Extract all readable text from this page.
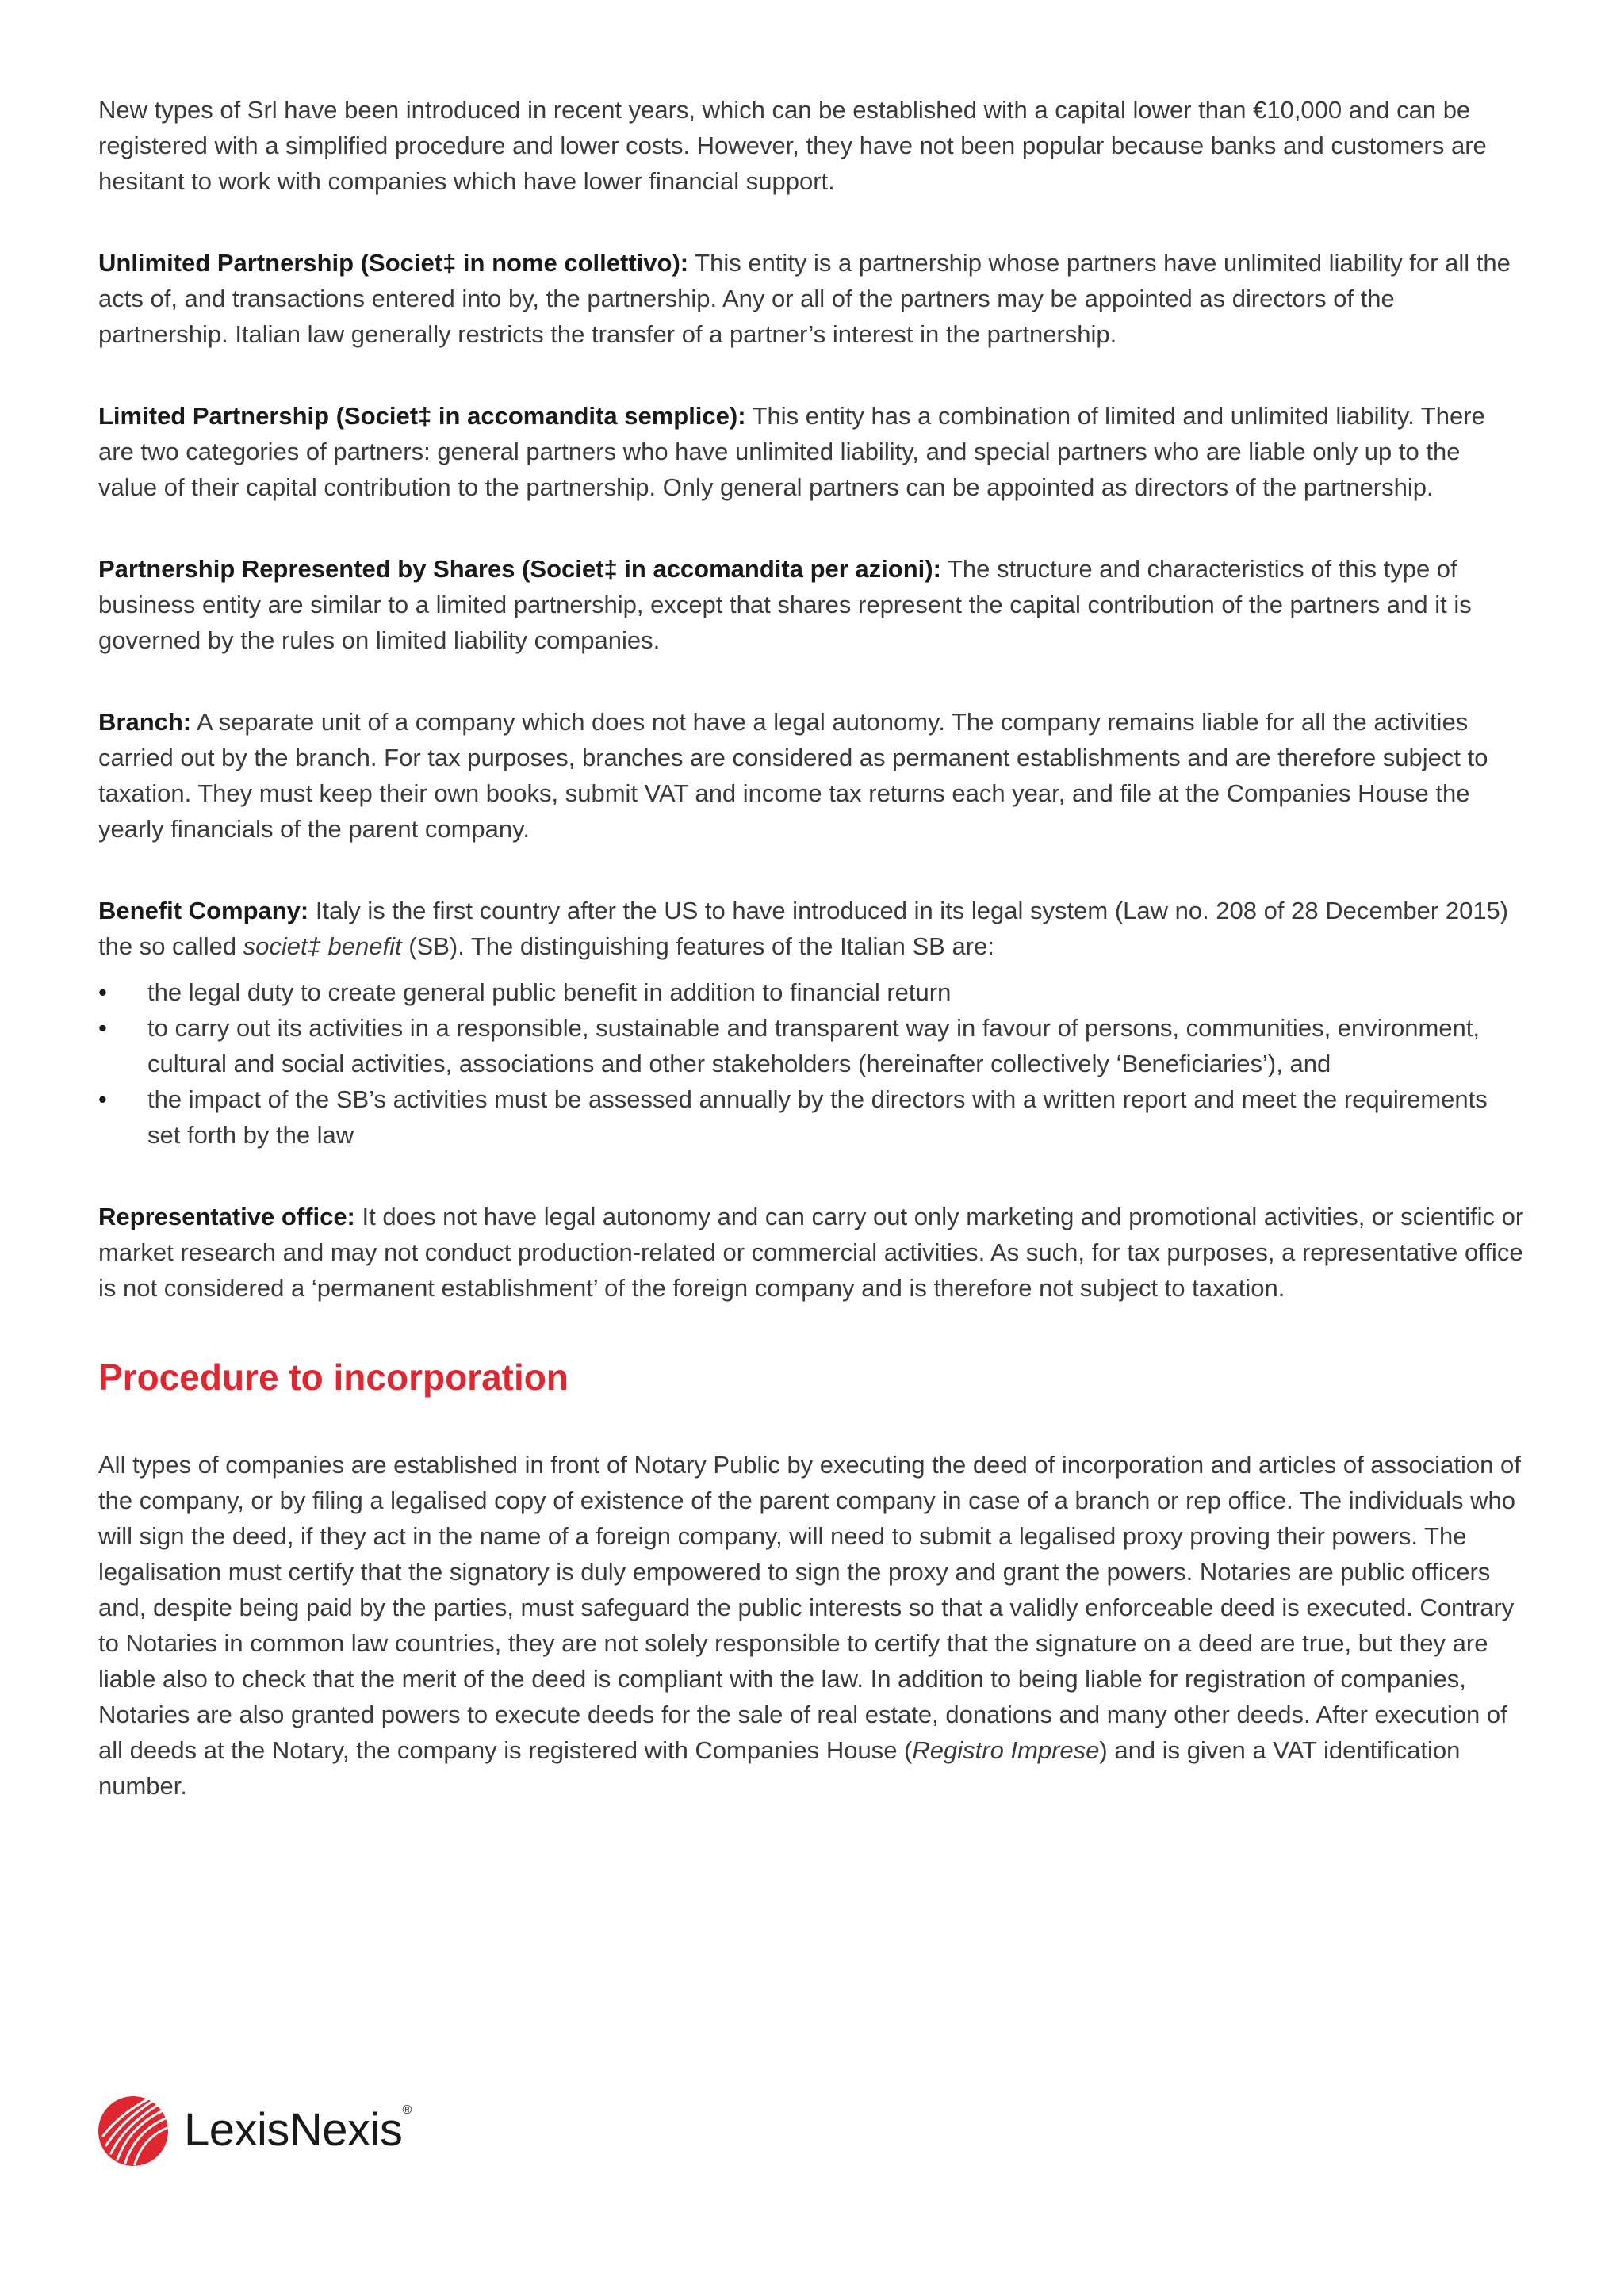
New types of Srl have been introduced in recent years, which can be established with a capital lower than €10,000 and can be registered with a simplified procedure and lower costs. However, they have not been popular because banks and customers are hesitant to work with companies which have lower financial support.

Unlimited Partnership (Societ‡ in nome collettivo): This entity is a partnership whose partners have unlimited liability for all the acts of, and transactions entered into by, the partnership. Any or all of the partners may be appointed as directors of the partnership. Italian law generally restricts the transfer of a partner’s interest in the partnership.

Limited Partnership (Societ‡ in accomandita semplice): This entity has a combination of limited and unlimited liability. There are two categories of partners: general partners who have unlimited liability, and special partners who are liable only up to the value of their capital contribution to the partnership. Only general partners can be appointed as directors of the partnership.

Partnership Represented by Shares (Societ‡ in accomandita per azioni): The structure and characteristics of this type of business entity are similar to a limited partnership, except that shares represent the capital contribution of the partners and it is governed by the rules on limited liability companies.

Branch: A separate unit of a company which does not have a legal autonomy. The company remains liable for all the activities carried out by the branch. For tax purposes, branches are considered as permanent establishments and are therefore subject to taxation. They must keep their own books, submit VAT and income tax returns each year, and file at the Companies House the yearly financials of the parent company.

Benefit Company: Italy is the first country after the US to have introduced in its legal system (Law no. 208 of 28 December 2015) the so called societ‡ benefit (SB). The distinguishing features of the Italian SB are:

• the legal duty to create general public benefit in addition to financial return
• to carry out its activities in a responsible, sustainable and transparent way in favour of persons, communities, environment, cultural and social activities, associations and other stakeholders (hereinafter collectively ‘Beneficiaries’), and
• the impact of the SB’s activities must be assessed annually by the directors with a written report and meet the requirements set forth by the law

Representative office: It does not have legal autonomy and can carry out only marketing and promotional activities, or scientific or market research and may not conduct production-related or commercial activities. As such, for tax purposes, a representative office is not considered a ‘permanent establishment’ of the foreign company and is therefore not subject to taxation.

Procedure to incorporation

All types of companies are established in front of Notary Public by executing the deed of incorporation and articles of association of the company, or by filing a legalised copy of existence of the parent company in case of a branch or rep office. The individuals who will sign the deed, if they act in the name of a foreign company, will need to submit a legalised proxy proving their powers. The legalisation must certify that the signatory is duly empowered to sign the proxy and grant the powers. Notaries are public officers and, despite being paid by the parties, must safeguard the public interests so that a validly enforceable deed is executed. Contrary to Notaries in common law countries, they are not solely responsible to certify that the signature on a deed are true, but they are liable also to check that the merit of the deed is compliant with the law. In addition to being liable for registration of companies, Notaries are also granted powers to execute deeds for the sale of real estate, donations and many other deeds. After execution of all deeds at the Notary, the company is registered with Companies House (Registro Imprese) and is given a VAT identification number.

LexisNexis®
